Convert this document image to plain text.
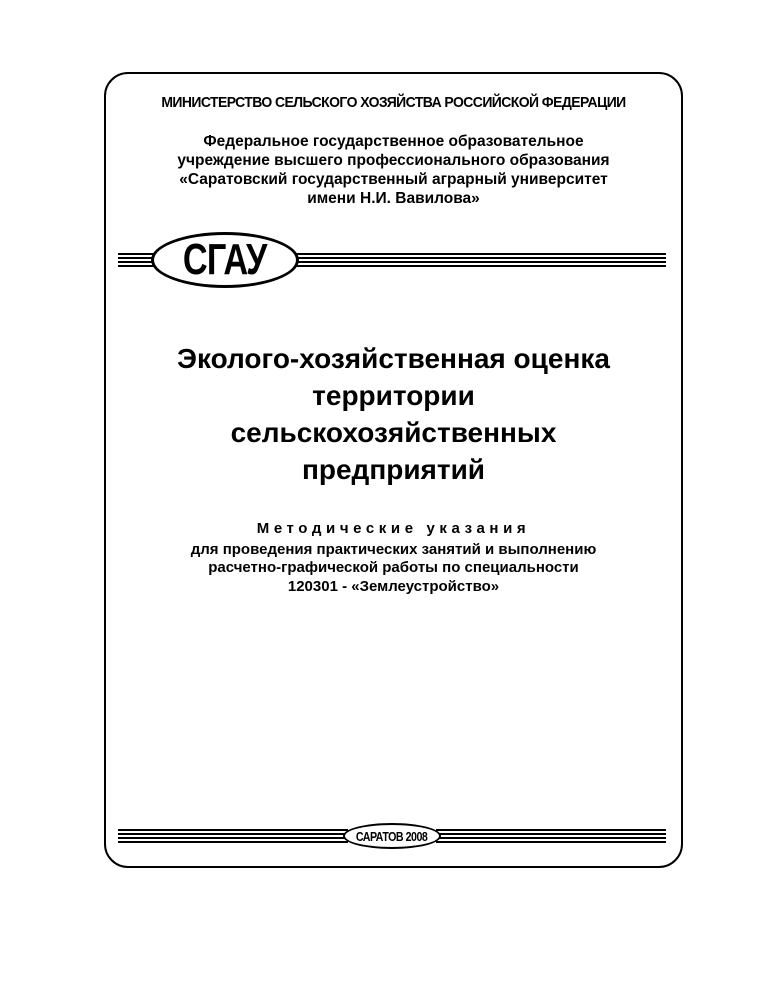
МИНИСТЕРСТВО СЕЛЬСКОГО ХОЗЯЙСТВА РОССИЙСКОЙ ФЕДЕРАЦИИ
Федеральное государственное образовательное
учреждение высшего профессионального образования
«Саратовский государственный аграрный университет
имени Н.И. Вавилова»
СГАУ
Эколого-хозяйственная оценка
территории
сельскохозяйственных
предприятий
Методические указания
для проведения практических занятий и выполнению
расчетно-графической работы по специальности
120301 - «Землеустройство»
САРАТОВ 2008
